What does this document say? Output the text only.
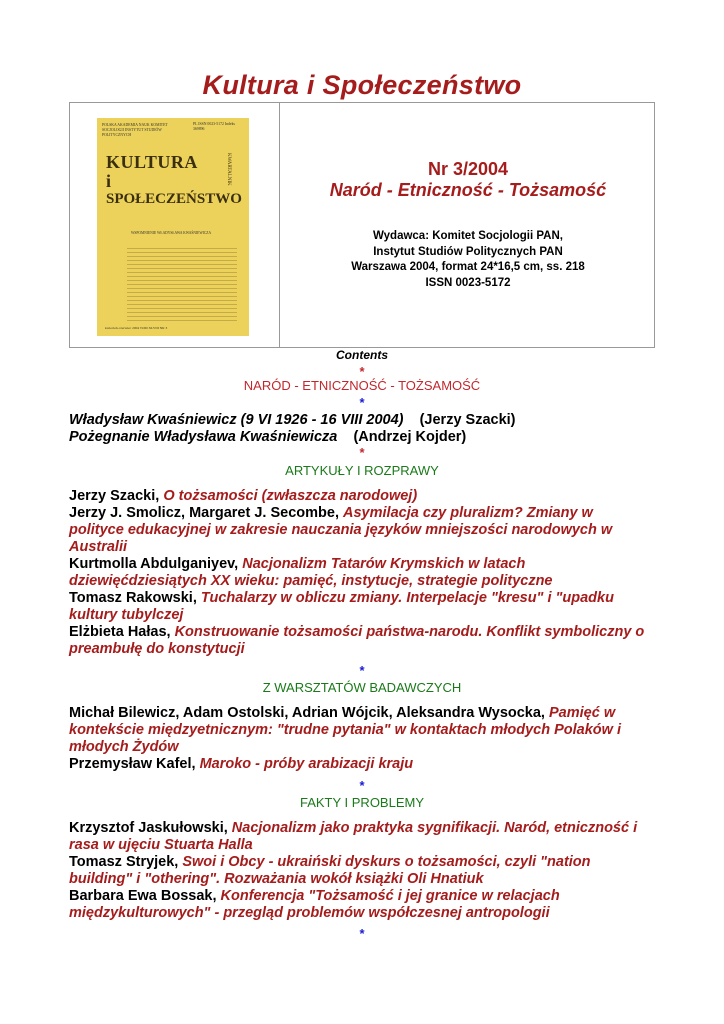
Kultura i Społeczeństwo
POLSKA AKADEMIA NAUK KOMITET SOCJOLOGII INSTYTUT STUDIÓW POLITYCZNYCH
PL ISSN 0023-5172 Indeks 369896
KULTURA
i
SPOŁECZEŃSTWO
KWARTALNIK
WSPOMNIENIE WŁADYSŁAWA KWAŚNIEWICZA
kwiecień-czerwiec 2004 TOM XLVIII NR 3
Nr 3/2004
Naród - Etniczność - Tożsamość
Wydawca: Komitet Socjologii PAN,
Instytut Studiów Politycznych PAN
Warszawa 2004, format 24*16,5 cm, ss. 218
ISSN 0023-5172
Contents
*
NARÓD - ETNICZNOŚĆ - TOŻSAMOŚĆ
*
Władysław Kwaśniewicz (9 VI 1926 - 16 VIII 2004) (Jerzy Szacki)
Pożegnanie Władysława Kwaśniewicza (Andrzej Kojder)
*
ARTYKUŁY I ROZPRAWY
Jerzy Szacki, O tożsamości (zwłaszcza narodowej)
Jerzy J. Smolicz, Margaret J. Secombe, Asymilacja czy pluralizm? Zmiany w
polityce edukacyjnej w zakresie nauczania języków mniejszości narodowych w
Australii
Kurtmolla Abdulganiyev, Nacjonalizm Tatarów Krymskich w latach
dziewięćdziesiątych XX wieku: pamięć, instytucje, strategie polityczne
Tomasz Rakowski, Tuchalarzy w obliczu zmiany. Interpelacje "kresu" i "upadku
kultury tubylczej
Elżbieta Hałas, Konstruowanie tożsamości państwa-narodu. Konflikt symboliczny o
preambułę do konstytucji
*
Z WARSZTATÓW BADAWCZYCH
Michał Bilewicz, Adam Ostolski, Adrian Wójcik, Aleksandra Wysocka, Pamięć w
kontekście międzyetnicznym: "trudne pytania" w kontaktach młodych Polaków i
młodych Żydów
Przemysław Kafel, Maroko - próby arabizacji kraju
*
FAKTY I PROBLEMY
Krzysztof Jaskułowski, Nacjonalizm jako praktyka sygnifikacji. Naród, etniczność i
rasa w ujęciu Stuarta Halla
Tomasz Stryjek, Swoi i Obcy - ukraiński dyskurs o tożsamości, czyli "nation
building" i "othering". Rozważania wokół książki Oli Hnatiuk
Barbara Ewa Bossak, Konferencja "Tożsamość i jej granice w relacjach
międzykulturowych" - przegląd problemów współczesnej antropologii
*
